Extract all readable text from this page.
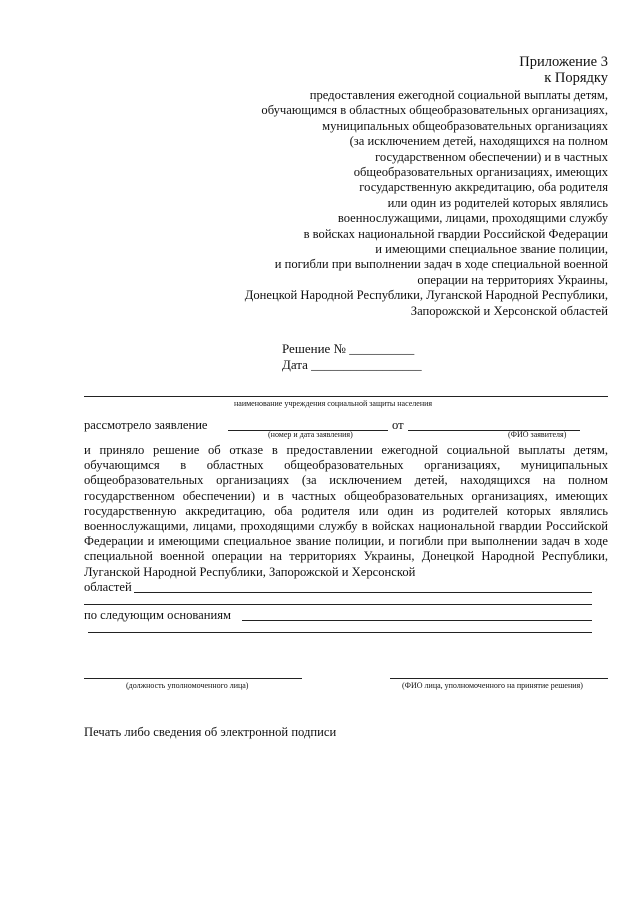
Приложение 3
к Порядку
предоставления ежегодной социальной выплаты детям,
обучающимся в областных общеобразовательных организациях,
муниципальных общеобразовательных организациях
(за исключением детей, находящихся на полном
государственном обеспечении) и в частных
общеобразовательных организациях, имеющих
государственную аккредитацию, оба родителя
или один из родителей которых являлись
военнослужащими, лицами, проходящими службу
в войсках национальной гвардии Российской Федерации
и имеющими специальное звание полиции,
и погибли при выполнении задач в ходе специальной военной
операции на территориях Украины,
Донецкой Народной Республики, Луганской Народной Республики,
Запорожской и Херсонской областей
Решение № __________
Дата _________________
наименование учреждения социальной защиты населения
рассмотрело заявление	от
(номер и дата заявления)	(ФИО заявителя)
и приняло решение об отказе в предоставлении ежегодной социальной выплаты детям, обучающимся в областных общеобразовательных организациях, муниципальных общеобразовательных организациях (за исключением детей, находящихся на полном государственном обеспечении) и в частных общеобразовательных организациях, имеющих государственную аккредитацию, оба родителя или один из родителей которых являлись военнослужащими, лицами, проходящими службу в войсках национальной гвардии Российской Федерации и имеющими специальное звание полиции, и погибли при выполнении задач в ходе специальной военной операции на территориях Украины, Донецкой Народной Республики, Луганской Народной Республики, Запорожской и Херсонской
областей
по следующим основаниям
(должность уполномоченного лица)	(ФИО лица, уполномоченного на принятие решения)
Печать либо сведения об электронной подписи
